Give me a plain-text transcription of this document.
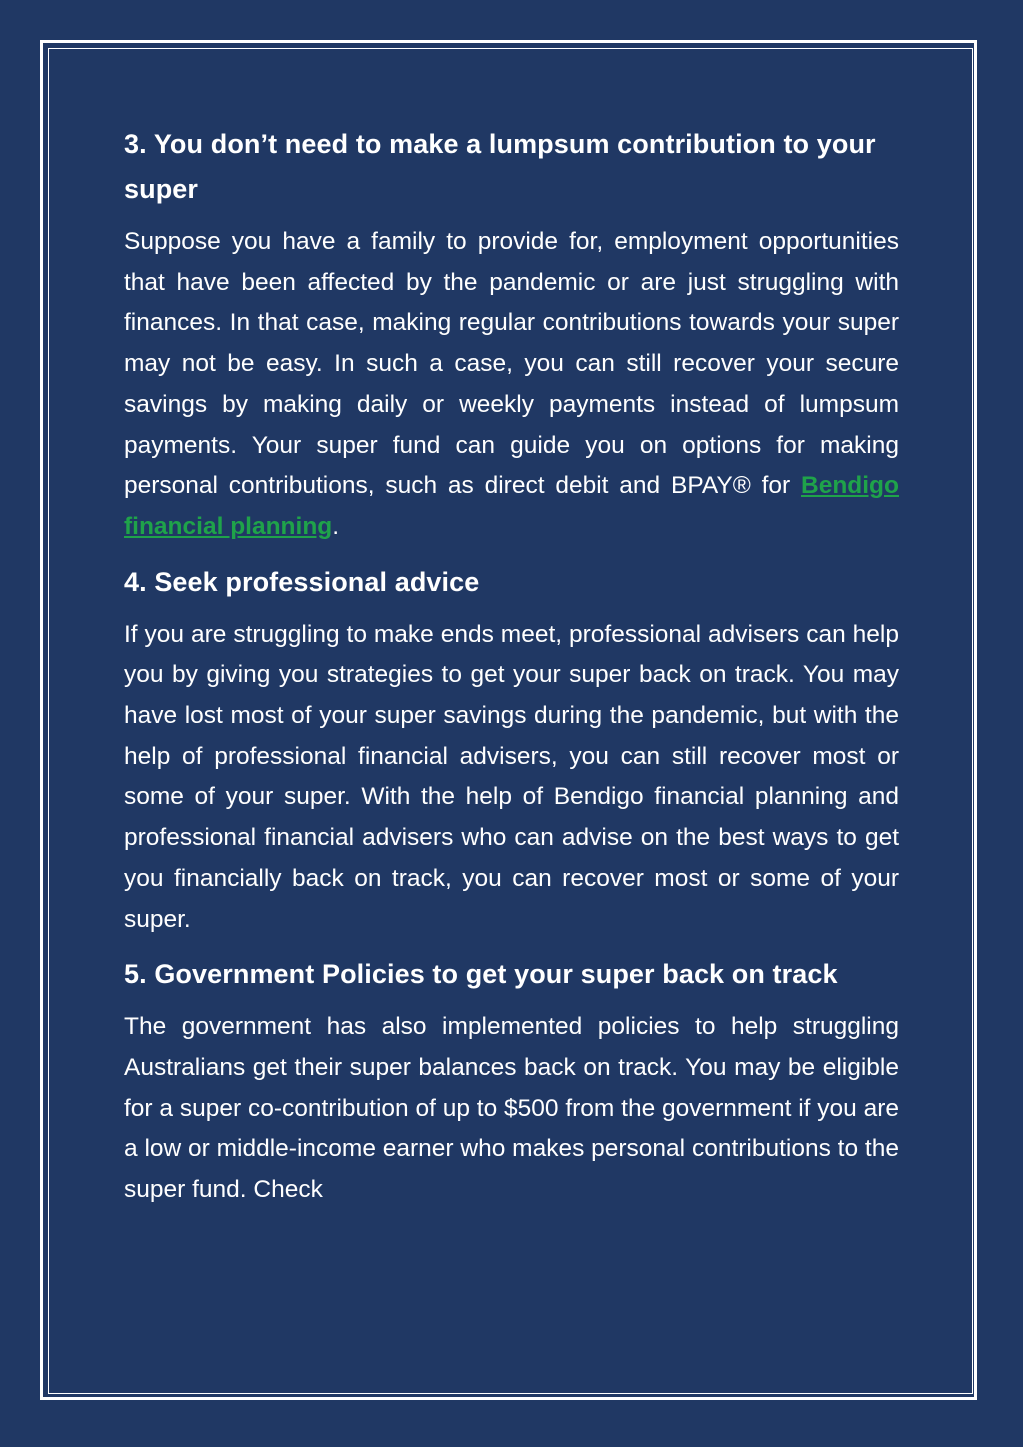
3. You don’t need to make a lumpsum contribution to your super

Suppose you have a family to provide for, employment opportunities that have been affected by the pandemic or are just struggling with finances. In that case, making regular contributions towards your super may not be easy. In such a case, you can still recover your secure savings by making daily or weekly payments instead of lumpsum payments. Your super fund can guide you on options for making personal contributions, such as direct debit and BPAY® for Bendigo financial planning.

4. Seek professional advice

If you are struggling to make ends meet, professional advisers can help you by giving you strategies to get your super back on track. You may have lost most of your super savings during the pandemic, but with the help of professional financial advisers, you can still recover most or some of your super. With the help of Bendigo financial planning and professional financial advisers who can advise on the best ways to get you financially back on track, you can recover most or some of your super.

5. Government Policies to get your super back on track

The government has also implemented policies to help struggling Australians get their super balances back on track. You may be eligible for a super co-contribution of up to $500 from the government if you are a low or middle-income earner who makes personal contributions to the super fund. Check
